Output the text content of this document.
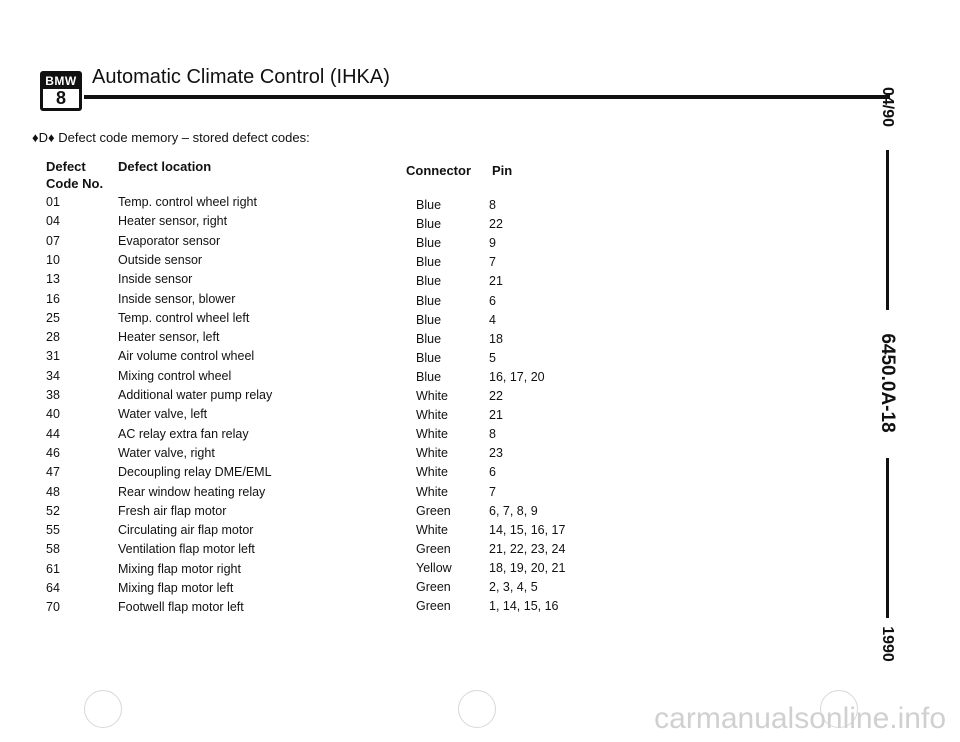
BMW
8
Automatic Climate Control (IHKA)
♦D♦ Defect code memory – stored defect codes:
Defect
Code No.
Defect location	Connector Pin
01	Temp. control wheel right	Blue	8
04	Heater sensor, right	Blue	22
07	Evaporator sensor	Blue	9
10	Outside sensor	Blue	7
13	Inside sensor	Blue	21
16	Inside sensor, blower	Blue	6
25	Temp. control wheel left	Blue	4
28	Heater sensor, left	Blue	18
31	Air volume control wheel	Blue	5
34	Mixing control wheel	Blue	16, 17, 20
38	Additional water pump relay	White	22
40	Water valve, left	White	21
44	AC relay extra fan relay	White	8
46	Water valve, right	White	23
47	Decoupling relay DME/EML	White	6
48	Rear window heating relay	White	7
52	Fresh air flap motor	Green	6, 7, 8, 9
55	Circulating air flap motor	White	14, 15, 16, 17
58	Ventilation flap motor left	Green	21, 22, 23, 24
61	Mixing flap motor right	Yellow	18, 19, 20, 21
64	Mixing flap motor left	Green	2, 3, 4, 5
70	Footwell flap motor left	Green	1, 14, 15, 16
04/90
6450.0A-18
1990
carmanualsonline.info
